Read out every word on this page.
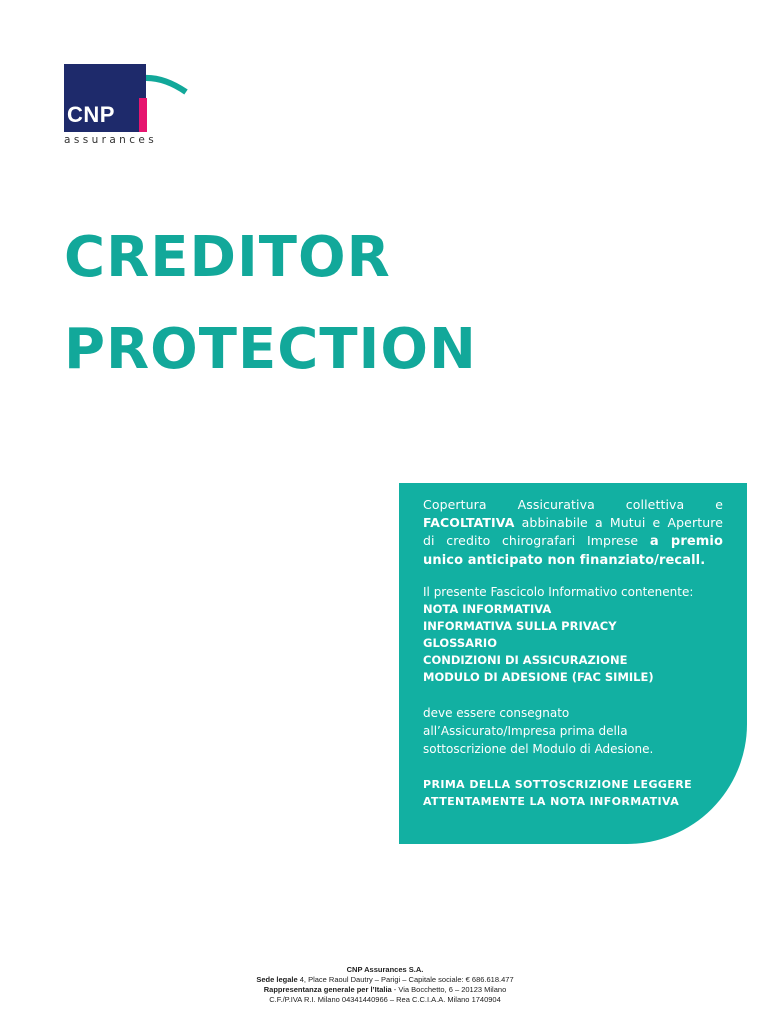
CNP
assurances
CREDITOR
PROTECTION

Copertura Assicurativa collettiva e FACOLTATIVA abbinabile a Mutui e Aperture di credito chirografari Imprese a premio unico anticipato non finanziato/recall.

Il presente Fascicolo Informativo contenente:
NOTA INFORMATIVA
INFORMATIVA SULLA PRIVACY
GLOSSARIO
CONDIZIONI DI ASSICURAZIONE
MODULO DI ADESIONE (FAC SIMILE)
deve essere consegnato
all’Assicurato/Impresa prima della
sottoscrizione del Modulo di Adesione.
PRIMA DELLA SOTTOSCRIZIONE LEGGERE
ATTENTAMENTE LA NOTA INFORMATIVA
CNP Assurances S.A.
Sede legale 4, Place Raoul Dautry – Parigi – Capitale sociale: € 686.618.477
Rappresentanza generale per l’Italia - Via Bocchetto, 6 – 20123 Milano
C.F./P.IVA R.I. Milano 04341440966 – Rea C.C.I.A.A. Milano 1740904
